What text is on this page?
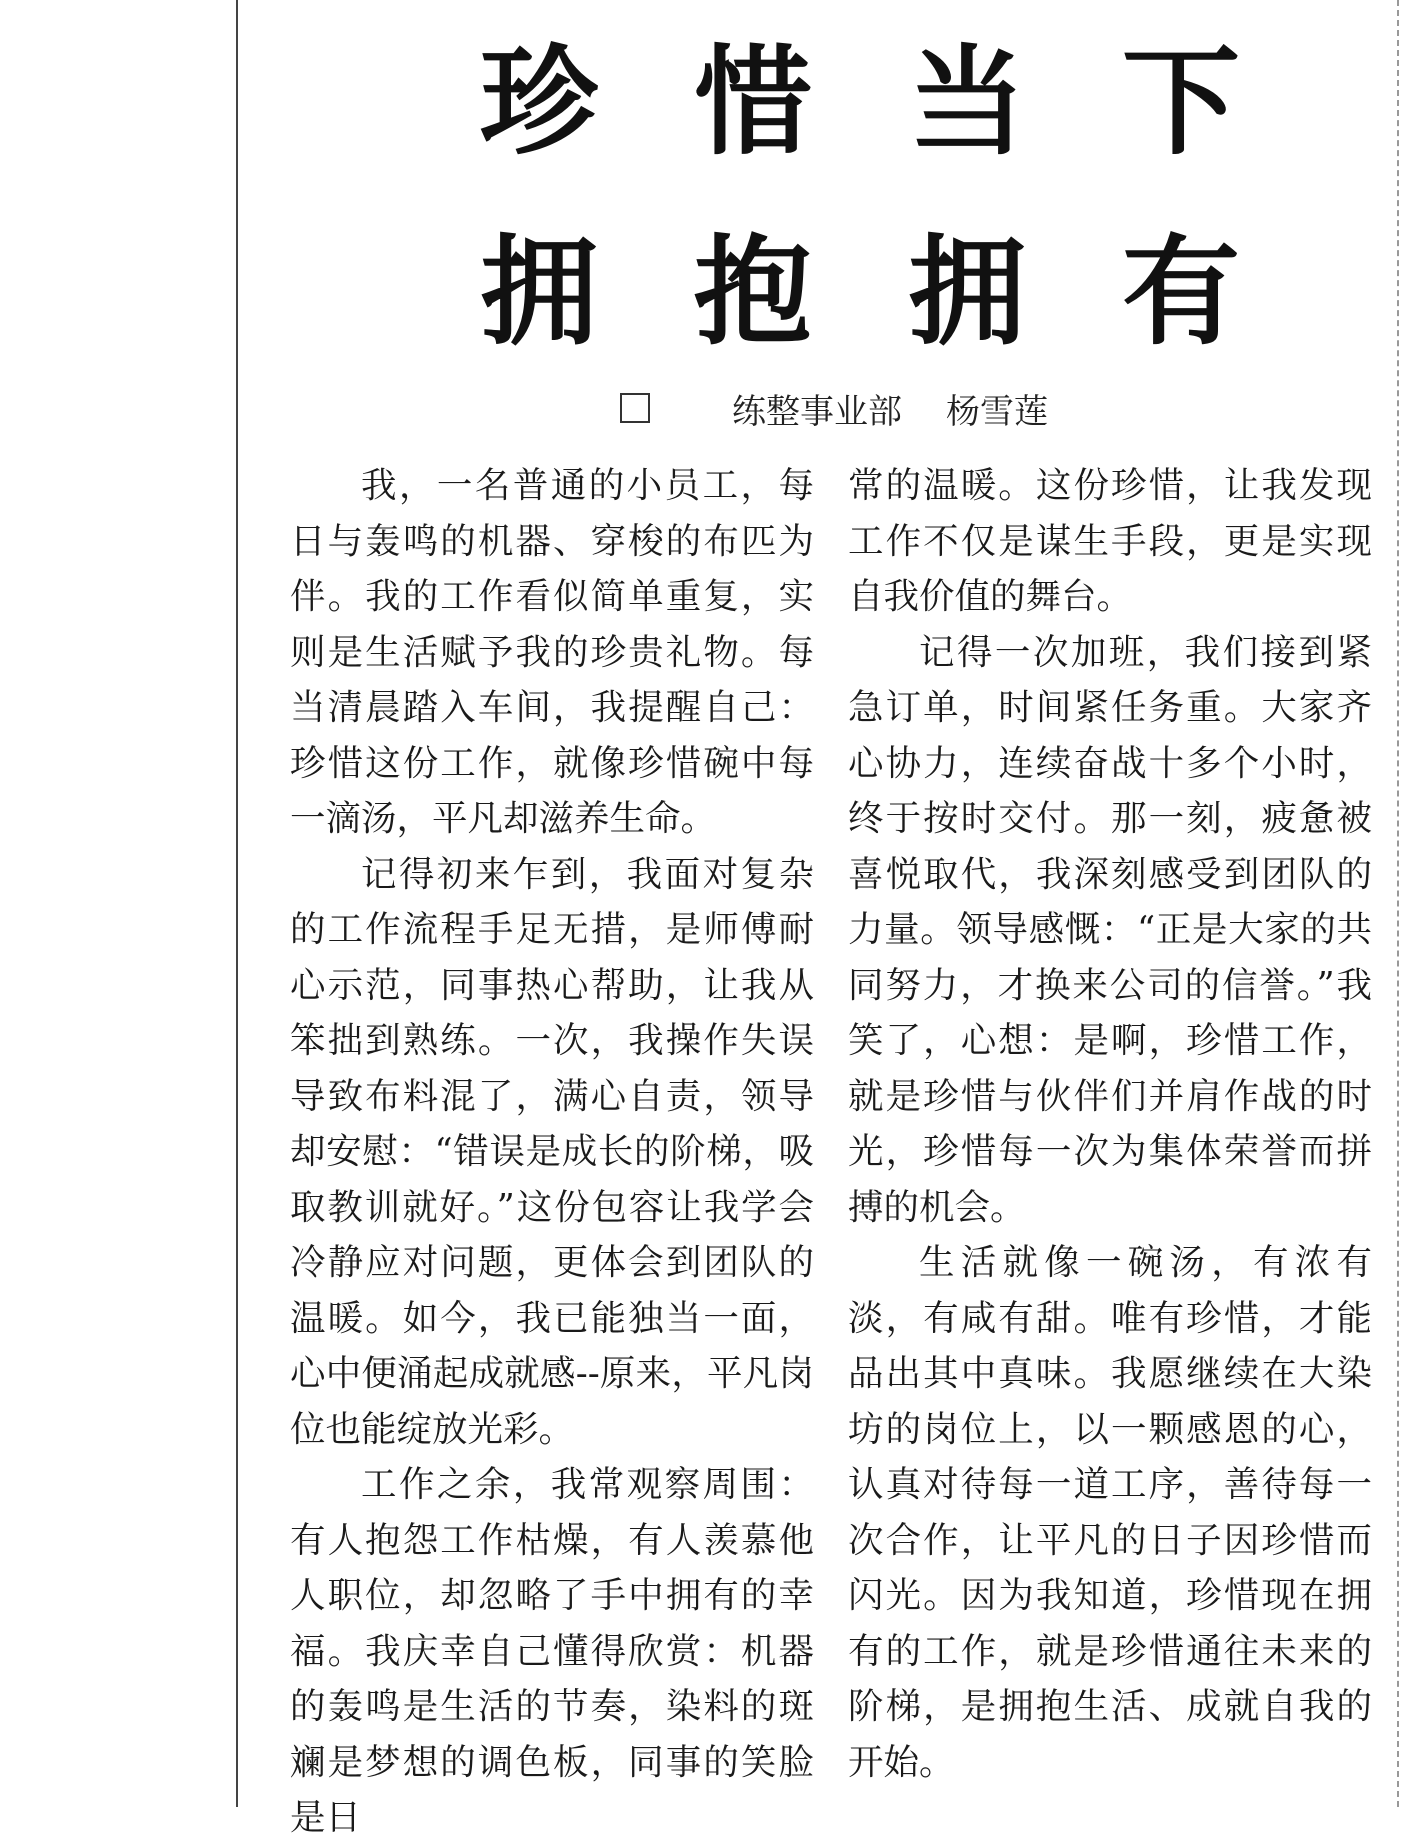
珍 惜 当 下
拥 抱 拥 有
练整事业部 杨雪莲

我，一名普通的小员工，每日与轰鸣的机器、穿梭的布匹为伴。我的工作看似简单重复，实则是生活赋予我的珍贵礼物。每当清晨踏入车间，我提醒自己：珍惜这份工作，就像珍惜碗中每一滴汤，平凡却滋养生命。

记得初来乍到，我面对复杂的工作流程手足无措，是师傅耐心示范，同事热心帮助，让我从笨拙到熟练。一次，我操作失误导致布料混了，满心自责，领导却安慰：“错误是成长的阶梯，吸取教训就好。”这份包容让我学会冷静应对问题，更体会到团队的温暖。如今，我已能独当一面，心中便涌起成就感--原来，平凡岗位也能绽放光彩。

工作之余，我常观察周围：有人抱怨工作枯燥，有人羡慕他人职位，却忽略了手中拥有的幸福。我庆幸自己懂得欣赏：机器的轰鸣是生活的节奏，染料的斑斓是梦想的调色板，同事的笑脸是日

常的温暖。这份珍惜，让我发现工作不仅是谋生手段，更是实现自我价值的舞台。

记得一次加班，我们接到紧急订单，时间紧任务重。大家齐心协力，连续奋战十多个小时，终于按时交付。那一刻，疲惫被喜悦取代，我深刻感受到团队的力量。领导感慨：“正是大家的共同努力，才换来公司的信誉。”我笑了，心想：是啊，珍惜工作，就是珍惜与伙伴们并肩作战的时光，珍惜每一次为集体荣誉而拼搏的机会。

生活就像一碗汤，有浓有淡，有咸有甜。唯有珍惜，才能品出其中真味。我愿继续在大染坊的岗位上，以一颗感恩的心，认真对待每一道工序，善待每一次合作，让平凡的日子因珍惜而闪光。因为我知道，珍惜现在拥有的工作，就是珍惜通往未来的阶梯，是拥抱生活、成就自我的开始。
